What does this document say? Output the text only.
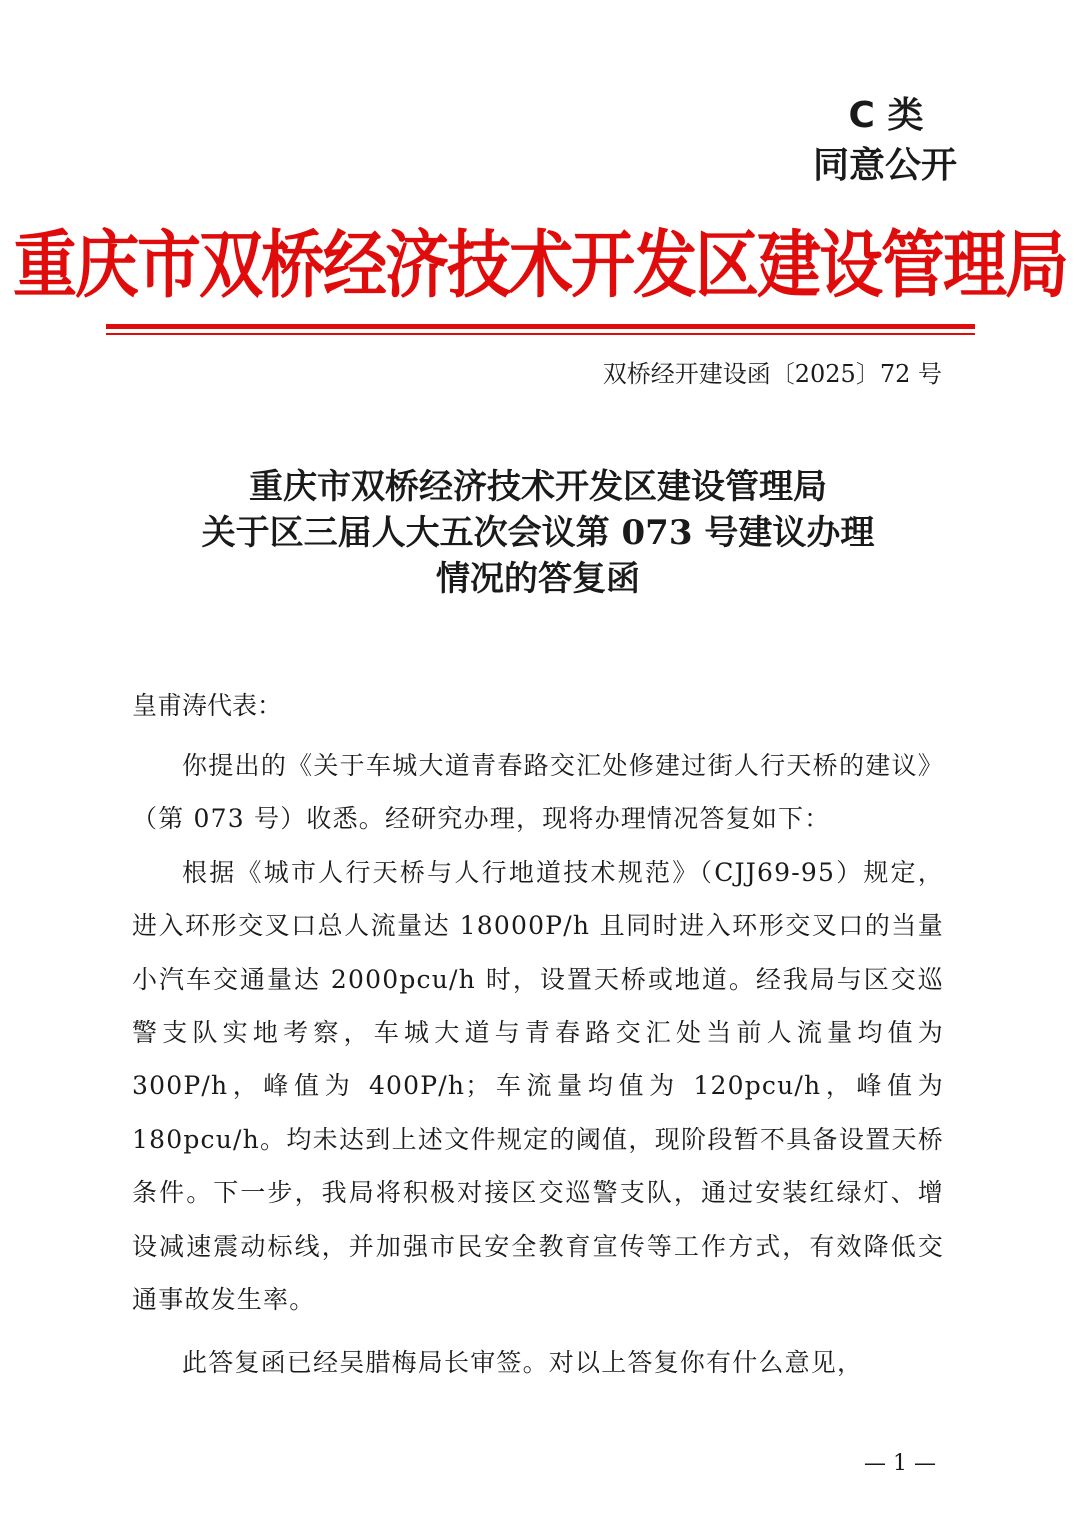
C 类
同意公开
重庆市双桥经济技术开发区建设管理局
双桥经开建设函〔2025〕72 号
重庆市双桥经济技术开发区建设管理局
关于区三届人大五次会议第 073 号建议办理
情况的答复函
皇甫涛代表：

你提出的《关于车城大道青春路交汇处修建过街人行天桥的建议》（第 073 号）收悉。经研究办理，现将办理情况答复如下：

根据《城市人行天桥与人行地道技术规范》（CJJ69-95）规定，进入环形交叉口总人流量达 18000P/h 且同时进入环形交叉口的当量小汽车交通量达 2000pcu/h 时，设置天桥或地道。经我局与区交巡警支队实地考察，车城大道与青春路交汇处当前人流量均值为 300P/h，峰值为 400P/h；车流量均值为 120pcu/h，峰值为 180pcu/h。均未达到上述文件规定的阈值，现阶段暂不具备设置天桥条件。下一步，我局将积极对接区交巡警支队，通过安装红绿灯、增设减速震动标线，并加强市民安全教育宣传等工作方式，有效降低交通事故发生率。

此答复函已经吴腊梅局长审签。对以上答复你有什么意见，

— 1 —
